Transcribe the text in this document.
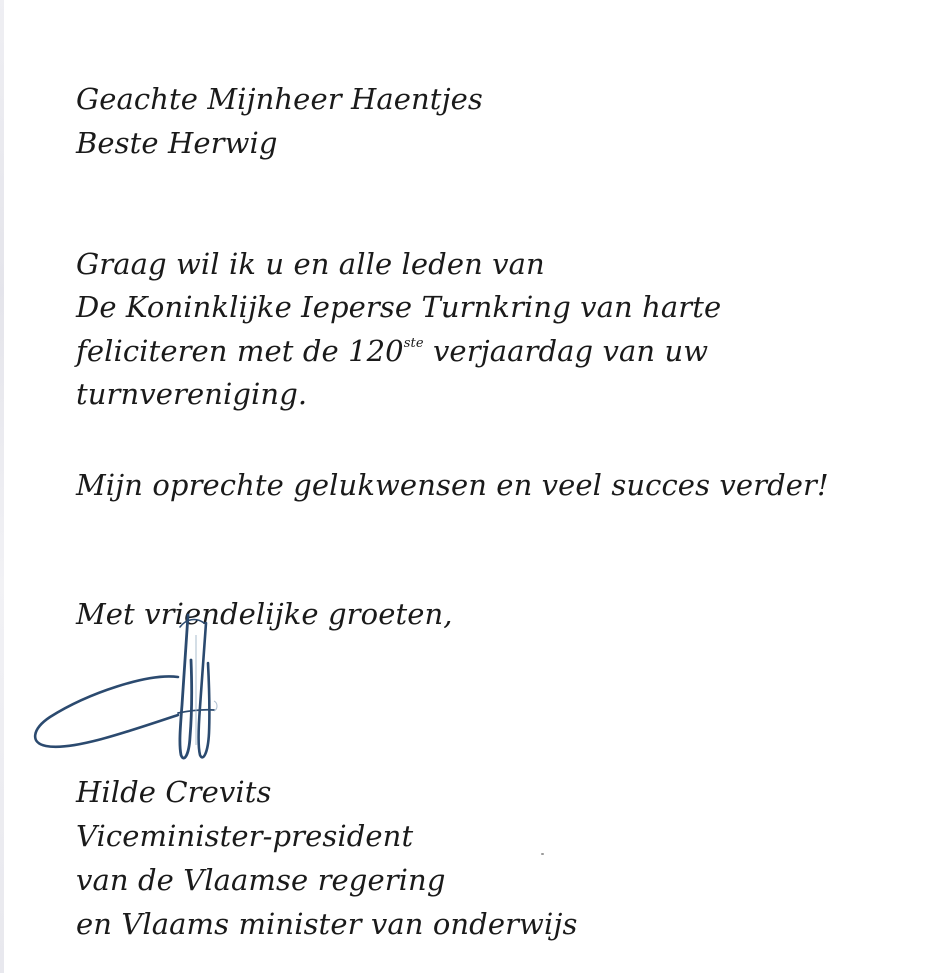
Geachte Mijnheer Haentjes
Beste Herwig
Graag wil ik u en alle leden van
De Koninklijke Ieperse Turnkring van harte
feliciteren met de 120ste verjaardag van uw
turnvereniging.
Mijn oprechte gelukwensen en veel succes verder!
Met vriendelijke groeten,
Hilde Crevits
Viceminister-president
van de Vlaamse regering
en Vlaams minister van onderwijs
